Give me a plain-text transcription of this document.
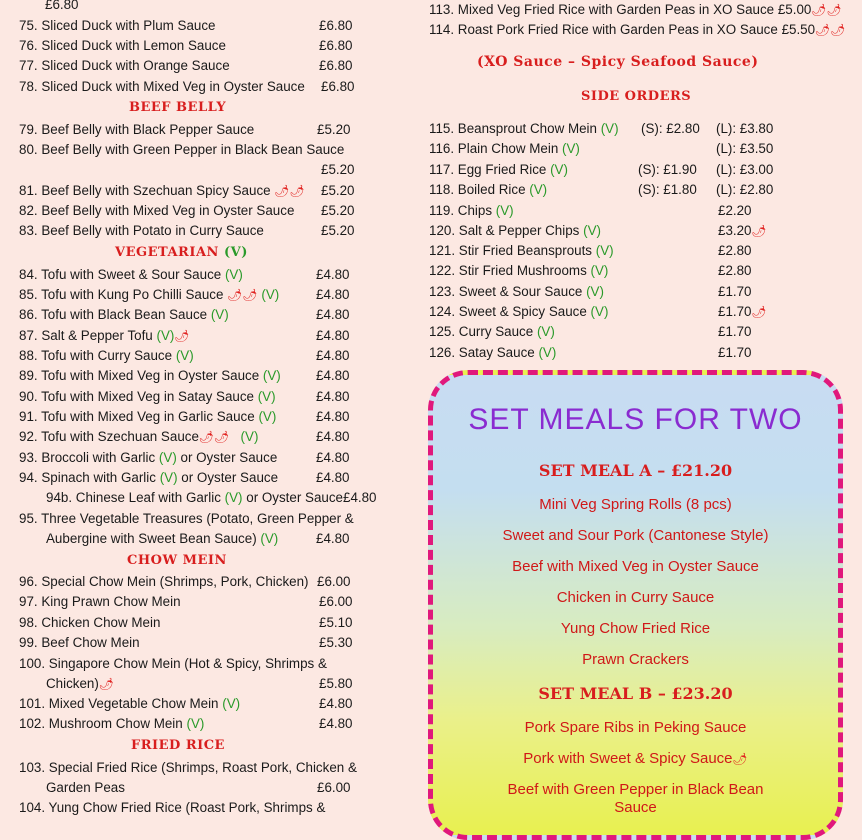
£6.80
75. Sliced Duck with Plum Sauce	£6.80
76. Sliced Duck with Lemon Sauce	£6.80
77. Sliced Duck with Orange Sauce	£6.80
78. Sliced Duck with Mixed Veg in Oyster Sauce £6.80
BEEF BELLY
79. Beef Belly with Black Pepper Sauce	£5.20
80. Beef Belly with Green Pepper in Black Bean Sauce
£5.20
81. Beef Belly with Szechuan Spicy Sauce 🌶🌶 £5.20
82. Beef Belly with Mixed Veg in Oyster Sauce £5.20
83. Beef Belly with Potato in Curry Sauce	£5.20
VEGETARIAN (V)
84. Tofu with Sweet & Sour Sauce (V)	£4.80
85. Tofu with Kung Po Chilli Sauce 🌶🌶 (V)	£4.80
86. Tofu with Black Bean Sauce (V)	£4.80
87. Salt & Pepper Tofu (V)🌶	£4.80
88. Tofu with Curry Sauce (V)	£4.80
89. Tofu with Mixed Veg in Oyster Sauce (V)	£4.80
90. Tofu with Mixed Veg in Satay Sauce (V)	£4.80
91. Tofu with Mixed Veg in Garlic Sauce (V)	£4.80
92. Tofu with Szechuan Sauce🌶🌶 (V)	£4.80
93. Broccoli with Garlic (V) or Oyster Sauce	£4.80
94. Spinach with Garlic (V) or Oyster Sauce	£4.80
94b. Chinese Leaf with Garlic (V) or Oyster Sauce£4.80
95. Three Vegetable Treasures (Potato, Green Pepper &
Aubergine with Sweet Bean Sauce) (V)	£4.80
CHOW MEIN
96. Special Chow Mein (Shrimps, Pork, Chicken) £6.00
97. King Prawn Chow Mein	£6.00
98. Chicken Chow Mein	£5.10
99. Beef Chow Mein	£5.30
100. Singapore Chow Mein (Hot & Spicy, Shrimps &
Chicken)🌶	£5.80
101. Mixed Vegetable Chow Mein (V)	£4.80
102. Mushroom Chow Mein (V)	£4.80
FRIED RICE
103. Special Fried Rice (Shrimps, Roast Pork, Chicken &
Garden Peas	£6.00
104. Yung Chow Fried Rice (Roast Pork, Shrimps &
113. Mixed Veg Fried Rice with Garden Peas in XO Sauce £5.00🌶🌶
114. Roast Pork Fried Rice with Garden Peas in XO Sauce £5.50🌶🌶
(XO Sauce – Spicy Seafood Sauce)
SIDE ORDERS
115. Beansprout Chow Mein (V) (S): £2.80 (L): £3.80
116. Plain Chow Mein (V)	(L): £3.50
117. Egg Fried Rice (V)	(S): £1.90 (L): £3.00
118. Boiled Rice (V)	(S): £1.80 (L): £2.80
119. Chips (V)	£2.20
120. Salt & Pepper Chips (V)	£3.20🌶
121. Stir Fried Beansprouts (V)	£2.80
122. Stir Fried Mushrooms (V)	£2.80
123. Sweet & Sour Sauce (V)	£1.70
124. Sweet & Spicy Sauce (V)	£1.70🌶
125. Curry Sauce (V)	£1.70
126. Satay Sauce (V)	£1.70
SET MEALS FOR TWO
SET MEAL A – £21.20
Mini Veg Spring Rolls (8 pcs)
Sweet and Sour Pork (Cantonese Style)
Beef with Mixed Veg in Oyster Sauce
Chicken in Curry Sauce
Yung Chow Fried Rice
Prawn Crackers
SET MEAL B – £23.20
Pork Spare Ribs in Peking Sauce
Pork with Sweet & Spicy Sauce🌶
Beef with Green Pepper in Black Bean
Sauce
